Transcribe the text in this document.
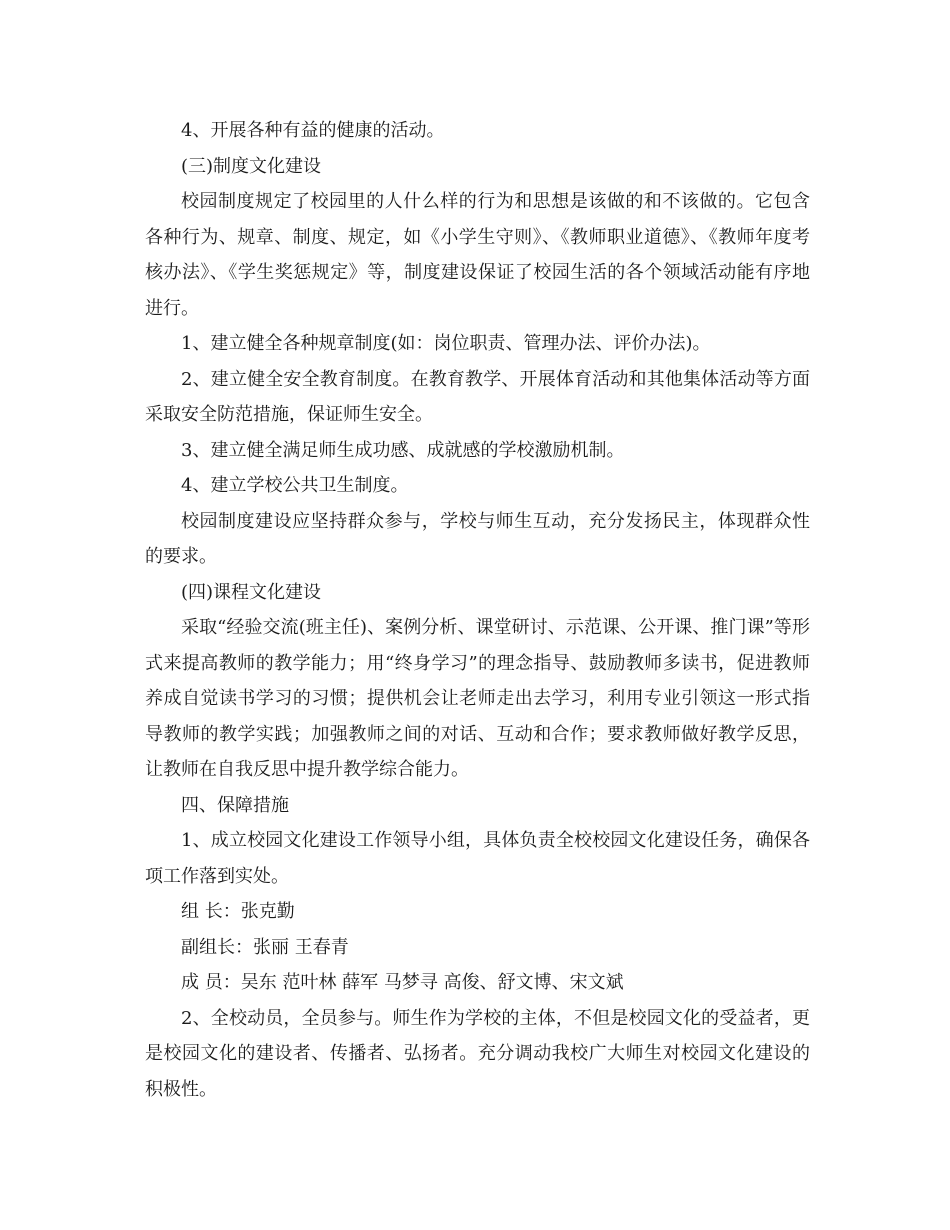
4、开展各种有益的健康的活动。

(三)制度文化建设

校园制度规定了校园里的人什么样的行为和思想是该做的和不该做的。它包含各种行为、规章、制度、规定，如《小学生守则》、《教师职业道德》、《教师年度考核办法》、《学生奖惩规定》等，制度建设保证了校园生活的各个领域活动能有序地进行。

1、建立健全各种规章制度(如：岗位职责、管理办法、评价办法)。

2、建立健全安全教育制度。在教育教学、开展体育活动和其他集体活动等方面采取安全防范措施，保证师生安全。

3、建立健全满足师生成功感、成就感的学校激励机制。

4、建立学校公共卫生制度。

校园制度建设应坚持群众参与，学校与师生互动，充分发扬民主，体现群众性的要求。

(四)课程文化建设

采取“经验交流(班主任)、案例分析、课堂研讨、示范课、公开课、推门课”等形式来提高教师的教学能力；用“终身学习”的理念指导、鼓励教师多读书，促进教师养成自觉读书学习的习惯；提供机会让老师走出去学习，利用专业引领这一形式指导教师的教学实践；加强教师之间的对话、互动和合作；要求教师做好教学反思，让教师在自我反思中提升教学综合能力。

四、保障措施

1、成立校园文化建设工作领导小组，具体负责全校校园文化建设任务，确保各项工作落到实处。

组 长：张克勤

副组长：张丽 王春青

成 员：吴东 范叶林 薛军 马梦寻 高俊、舒文博、宋文斌

2、全校动员，全员参与。师生作为学校的主体，不但是校园文化的受益者，更是校园文化的建设者、传播者、弘扬者。充分调动我校广大师生对校园文化建设的积极性。
